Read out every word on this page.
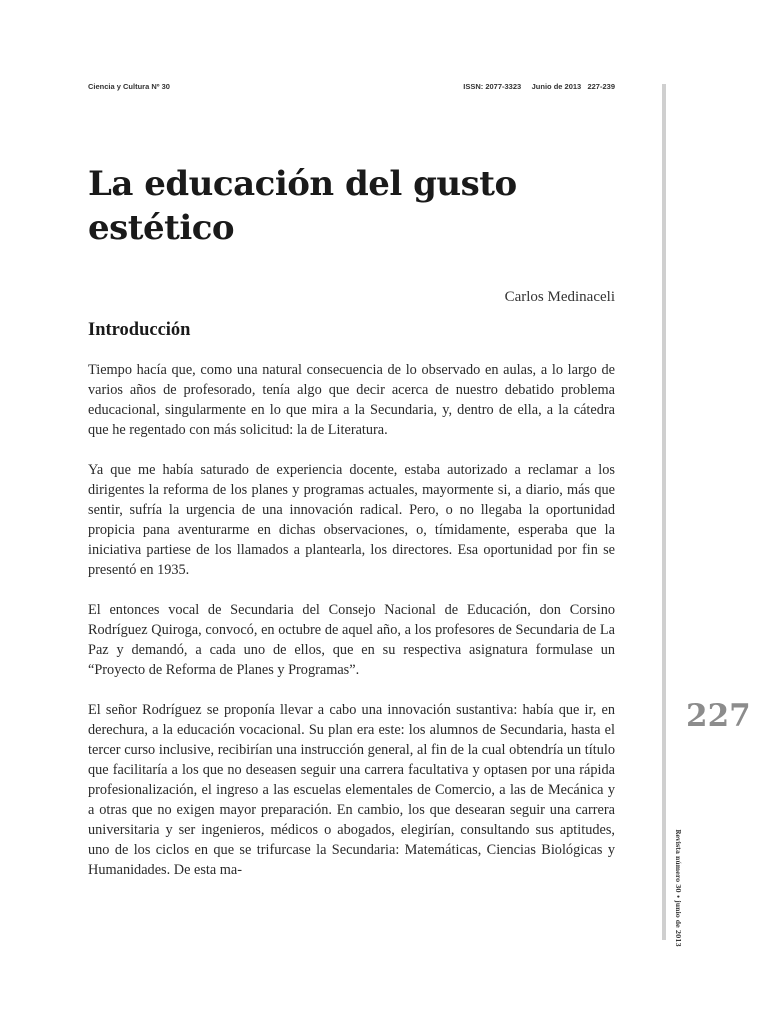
Ciencia y Cultura Nº 30	ISSN: 2077-3323     Junio de 2013   227-239
La educación del gusto
estético
Carlos Medinaceli
Introducción

Tiempo hacía que, como una natural consecuencia de lo observado en aulas, a lo largo de varios años de profesorado, tenía algo que decir acerca de nuestro debatido problema educacional, singularmente en lo que mira a la Secundaria, y, dentro de ella, a la cátedra que he regentado con más solicitud: la de Literatura.

Ya que me había saturado de experiencia docente, estaba autorizado a reclamar a los dirigentes la reforma de los planes y programas actuales, mayormente si, a diario, más que sentir, sufría la urgencia de una innovación radical. Pero, o no llegaba la oportunidad propicia pana aventurarme en dichas observaciones, o, tímidamente, esperaba que la iniciativa partiese de los llamados a plantearla, los directores. Esa oportunidad por fin se presentó en 1935.

El entonces vocal de Secundaria del Consejo Nacional de Educación, don Corsino Rodríguez Quiroga, convocó, en octubre de aquel año, a los profesores de Secundaria de La Paz y demandó, a cada uno de ellos, que en su respectiva asignatura formulase un “Proyecto de Reforma de Planes y Programas”.

El señor Rodríguez se proponía llevar a cabo una innovación sustantiva: había que ir, en derechura, a la educación vocacional. Su plan era este: los alumnos de Secundaria, hasta el tercer curso inclusive, recibirían una instrucción general, al fin de la cual obtendría un título que facilitaría a los que no deseasen seguir una carrera facultativa y optasen por una rápida profesionalización, el ingreso a las escuelas elementales de Comercio, a las de Mecánica y a otras que no exigen mayor preparación. En cambio, los que desearan seguir una carrera universitaria y ser ingenieros, médicos o abogados, elegirían, consultando sus aptitudes, uno de los ciclos en que se trifurcase la Secundaria: Matemáticas, Ciencias Biológicas y Humanidades. De esta ma-

227
Revista número 30 • junio de 2013
